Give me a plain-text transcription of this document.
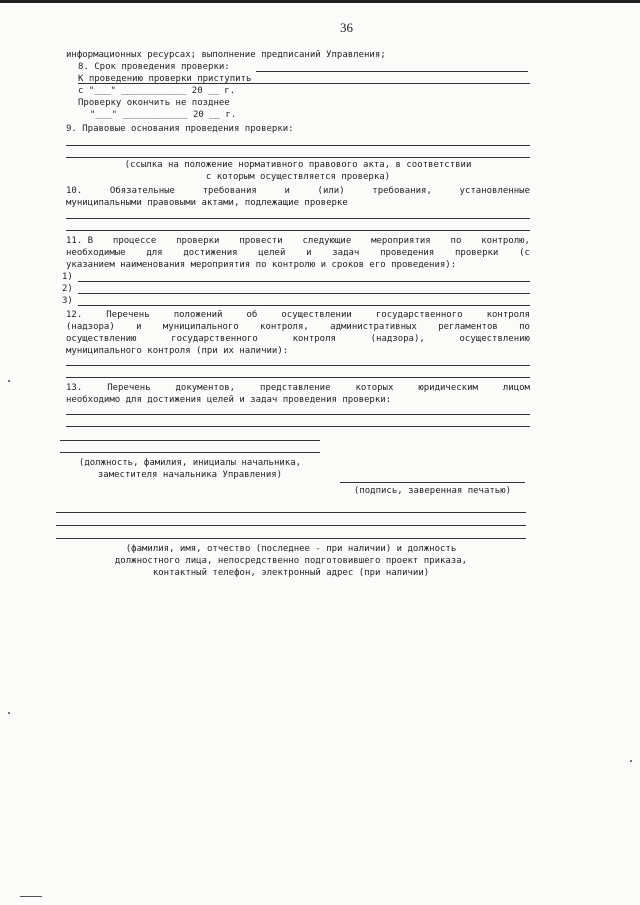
36
информационных ресурсах; выполнение предписаний Управления;
8. Срок проведения проверки:
К проведению проверки приступить
с "___" ____________ 20 __ г.
Проверку окончить не позднее
"___" ____________ 20 __ г.
9. Правовые основания проведения проверки:
(ссылка на положение нормативного правового акта, в соответствии
с которым осуществляется проверка)
10.	Обязательные	требования	и	(или)	требования,	установленные
муниципальными правовыми актами, подлежащие проверке
11. В процессе проверки провести следующие мероприятия по контролю,
необходимые для достижения целей и задач проведения проверки (с
указанием наименования мероприятия по контролю и сроков его проведения):
1)
2)
3)
12.	Перечень	положений	об	осуществлении	государственного	контроля
(надзора) и муниципального контроля, административных регламентов по
осуществлению	государственного	контроля	(надзора),	осуществлению
муниципального контроля (при их наличии):
13.	Перечень	документов,	представление	которых	юридическим	лицом
необходимо для достижения целей и задач проведения проверки:
(должность, фамилия, инициалы начальника,
заместителя начальника Управления)
(подпись, заверенная печатью)
(фамилия, имя, отчество (последнее - при наличии) и должность
должностного лица, непосредственно подготовившего проект приказа,
контактный телефон, электронный адрес (при наличии)
